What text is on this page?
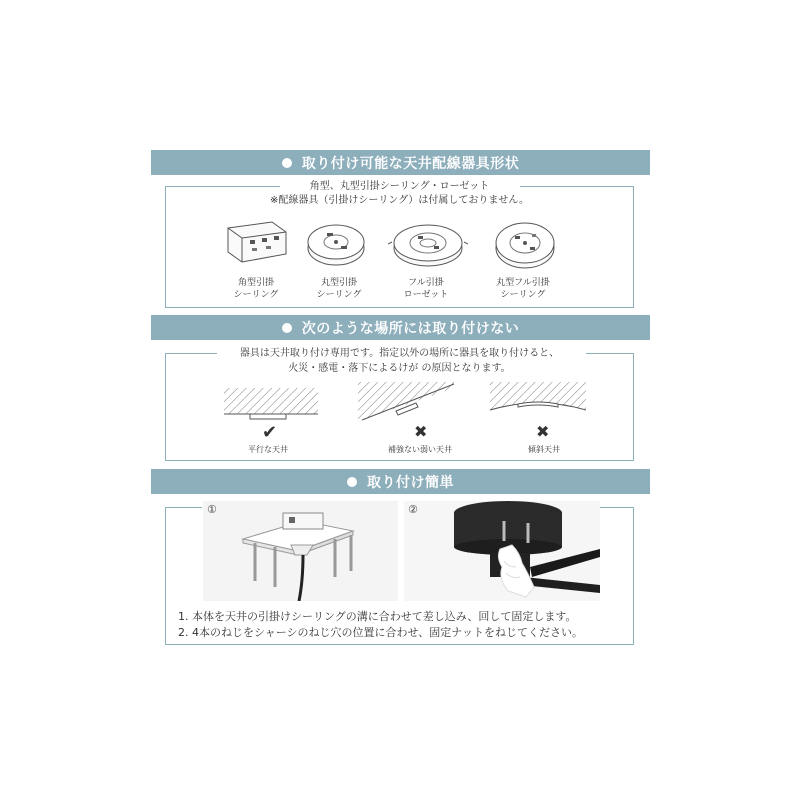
取り付け可能な天井配線器具形状
角型、丸型引掛シーリング・ローゼット
※配線器具（引掛けシーリング）は付属しておりません。
角型引掛
シーリング
丸型引掛
シーリング
フル引掛
ローゼット
丸型フル引掛
シーリング
次のような場所には取り付けない
器具は天井取り付け専用です。指定以外の場所に器具を取り付けると、
火災・感電・落下によるけが の原因となります。
✔	✖	✖
平行な天井	補強ない弱い天井	傾斜天井
取り付け簡単
①	②
1. 本体を天井の引掛けシーリングの溝に合わせて差し込み、回して固定します。
2. 4本のねじをシャーシのねじ穴の位置に合わせ、固定ナットをねじてください。
